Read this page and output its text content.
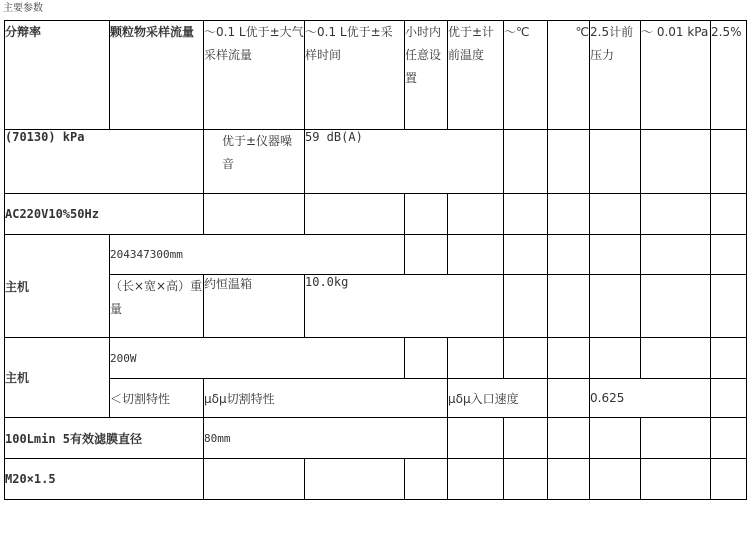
主要参数
分辩率	颗粒物采样流量	～0.1 L优于±大气采样流量	～0.1 L优于±采样时间	小时内任意设置	优于±计前温度	～℃	℃	2.5计前压力	～ 0.01 kPa	2.5%
(70130) kPa		优于±仪器噪音	59 dB(A)							
AC220V10%50Hz										
主机	204347300mm									
	（长×宽×高）重量	约恒温箱	10.0kg							
主机	200W									
	＜切割特性	μδμ切割特性			μδμ入口速度			0.625		
100Lmin 5有效滤膜直径		80mm								
M20×1.5										
